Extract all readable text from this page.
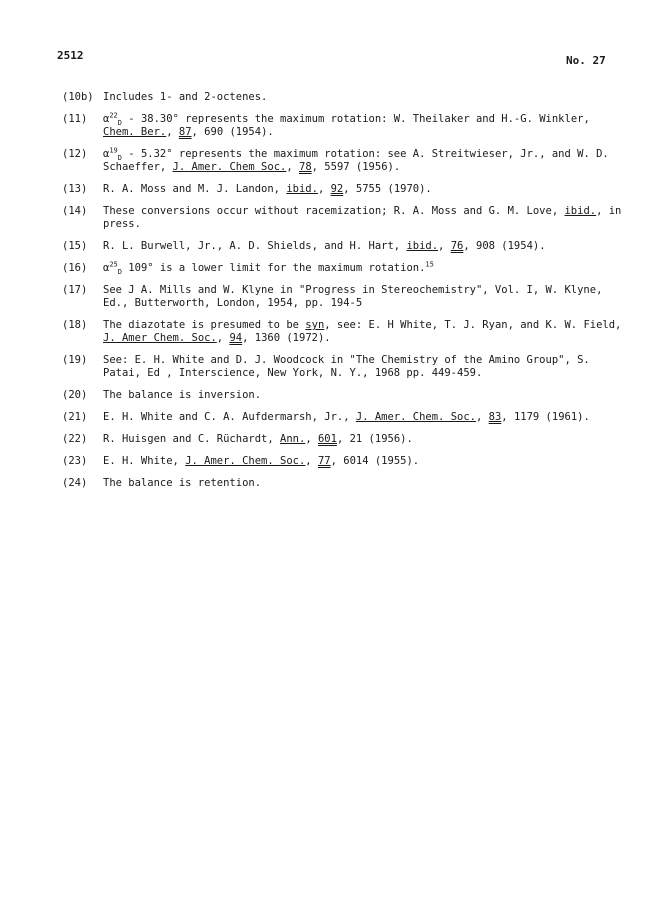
2512	No. 27
(10b) Includes 1- and 2-octenes.
(11) $\alpha^{22}_D - 38.30^\circ$ represents the maximum rotation: W. Theilaker and H.-G. Winkler, Chem. Ber., 87, 690 (1954).
(12) $\alpha^{19}_D - 5.32^\circ$ represents the maximum rotation: see A. Streitwieser, Jr., and W. D. Schaeffer, J. Amer. Chem Soc., 78, 5597 (1956).
(13) R. A. Moss and M. J. Landon, ibid., 92, 5755 (1970).
(14) These conversions occur without racemization; R. A. Moss and G. M. Love, ibid., in press.
(15) R. L. Burwell, Jr., A. D. Shields, and H. Hart, ibid., 76, 908 (1954).
(16) $\alpha^{25}_D$ 109° is a lower limit for the maximum rotation.$^{15}$
(17) See J A. Mills and W. Klyne in "Progress in Stereochemistry", Vol. I, W. Klyne, Ed., Butterworth, London, 1954, pp. 194-5
(18) The diazotate is presumed to be syn, see: E. H White, T. J. Ryan, and K. W. Field, J. Amer Chem. Soc., 94, 1360 (1972).
(19) See: E. H. White and D. J. Woodcock in "The Chemistry of the Amino Group", S. Patai, Ed , Interscience, New York, N. Y., 1968 pp. 449-459.
(20) The balance is inversion.
(21) E. H. White and C. A. Aufdermarsh, Jr., J. Amer. Chem. Soc., 83, 1179 (1961).
(22) R. Huisgen and C. Rüchardt, Ann., 601, 21 (1956).
(23) E. H. White, J. Amer. Chem. Soc., 77, 6014 (1955).
(24) The balance is retention.
